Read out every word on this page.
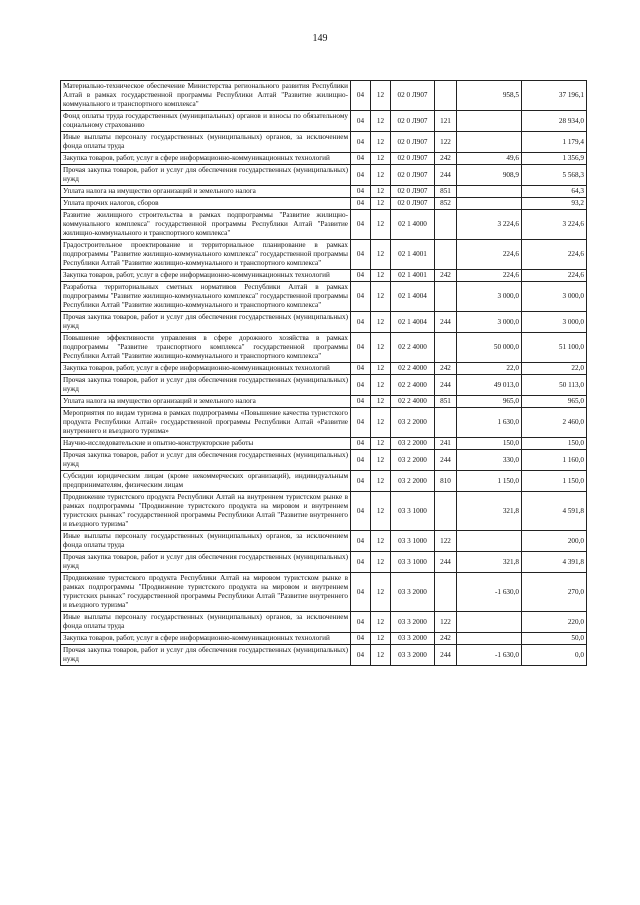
149
Материально-техническое обеспечение Министерства регионального развития Республики Алтай в рамках государственной программы Республики Алтай "Развитие жилищно-коммунального и транспортного комплекса"	04	12	02 0 Л907		958,5	37 196,1
Фонд оплаты труда государственных (муниципальных) органов и взносы по обязательному социальному страхованию	04	12	02 0 Л907	121		28 934,0
Иные выплаты персоналу государственных (муниципальных) органов, за исключением фонда оплаты труда	04	12	02 0 Л907	122		1 179,4
Закупка товаров, работ, услуг в сфере информационно-коммуникационных технологий	04	12	02 0 Л907	242	49,6	1 356,9
Прочая закупка товаров, работ и услуг для обеспечения государственных (муниципальных) нужд	04	12	02 0 Л907	244	908,9	5 568,3
Уплата налога на имущество организаций и земельного налога	04	12	02 0 Л907	851		64,3
Уплата прочих налогов, сборов	04	12	02 0 Л907	852		93,2
Развитие жилищного строительства в рамках подпрограммы "Развитие жилищно-коммунального комплекса" государственной программы Республики Алтай "Развитие жилищно-коммунального и транспортного комплекса"	04	12	02 1 4000		3 224,6	3 224,6
Градостроительное проектирование и территориальное планирование в рамках подпрограммы "Развитие жилищно-коммунального комплекса" государственной программы Республики Алтай "Развитие жилищно-коммунального и транспортного комплекса"	04	12	02 1 4001		224,6	224,6
Закупка товаров, работ, услуг в сфере информационно-коммуникационных технологий	04	12	02 1 4001	242	224,6	224,6
Разработка территориальных сметных нормативов Республики Алтай в рамках подпрограммы "Развитие жилищно-коммунального комплекса" государственной программы Республики Алтай "Развитие жилищно-коммунального и транспортного комплекса"	04	12	02 1 4004		3 000,0	3 000,0
Прочая закупка товаров, работ и услуг для обеспечения государственных (муниципальных) нужд	04	12	02 1 4004	244	3 000,0	3 000,0
Повышение эффективности управления в сфере дорожного хозяйства в рамках подпрограммы "Развитие транспортного комплекса" государственной программы Республики Алтай "Развитие жилищно-коммунального и транспортного комплекса"	04	12	02 2 4000		50 000,0	51 100,0
Закупка товаров, работ, услуг в сфере информационно-коммуникационных технологий	04	12	02 2 4000	242	22,0	22,0
Прочая закупка товаров, работ и услуг для обеспечения государственных (муниципальных) нужд	04	12	02 2 4000	244	49 013,0	50 113,0
Уплата налога на имущество организаций и земельного налога	04	12	02 2 4000	851	965,0	965,0
Мероприятия по видам туризма в рамках подпрограммы «Повышение качества туристского продукта Республики Алтай» государственной программы Республики Алтай «Развитие внутреннего и въездного туризма»	04	12	03 2 2000		1 630,0	2 460,0
Научно-исследовательские и опытно-конструкторские работы	04	12	03 2 2000	241	150,0	150,0
Прочая закупка товаров, работ и услуг для обеспечения государственных (муниципальных) нужд	04	12	03 2 2000	244	330,0	1 160,0
Субсидии юридическим лицам (кроме некоммерческих организаций), индивидуальным предпринимателям, физическим лицам	04	12	03 2 2000	810	1 150,0	1 150,0
Продвижение туристского продукта Республики Алтай на внутреннем туристском рынке в рамках подпрограммы "Продвижение туристского продукта на мировом и внутреннем туристских рынках" государственной программы Республики Алтай "Развитие внутреннего и въездного туризма"	04	12	03 3 1000		321,8	4 591,8
Иные выплаты персоналу государственных (муниципальных) органов, за исключением фонда оплаты труда	04	12	03 3 1000	122		200,0
Прочая закупка товаров, работ и услуг для обеспечения государственных (муниципальных) нужд	04	12	03 3 1000	244	321,8	4 391,8
Продвижение туристского продукта Республики Алтай на мировом туристском рынке в рамках подпрограммы "Продвижение туристского продукта на мировом и внутреннем туристских рынках" государственной программы Республики Алтай "Развитие внутреннего и въездного туризма"	04	12	03 3 2000		-1 630,0	270,0
Иные выплаты персоналу государственных (муниципальных) органов, за исключением фонда оплаты труда	04	12	03 3 2000	122		220,0
Закупка товаров, работ, услуг в сфере информационно-коммуникационных технологий	04	12	03 3 2000	242		50,0
Прочая закупка товаров, работ и услуг для обеспечения государственных (муниципальных) нужд	04	12	03 3 2000	244	-1 630,0	0,0
